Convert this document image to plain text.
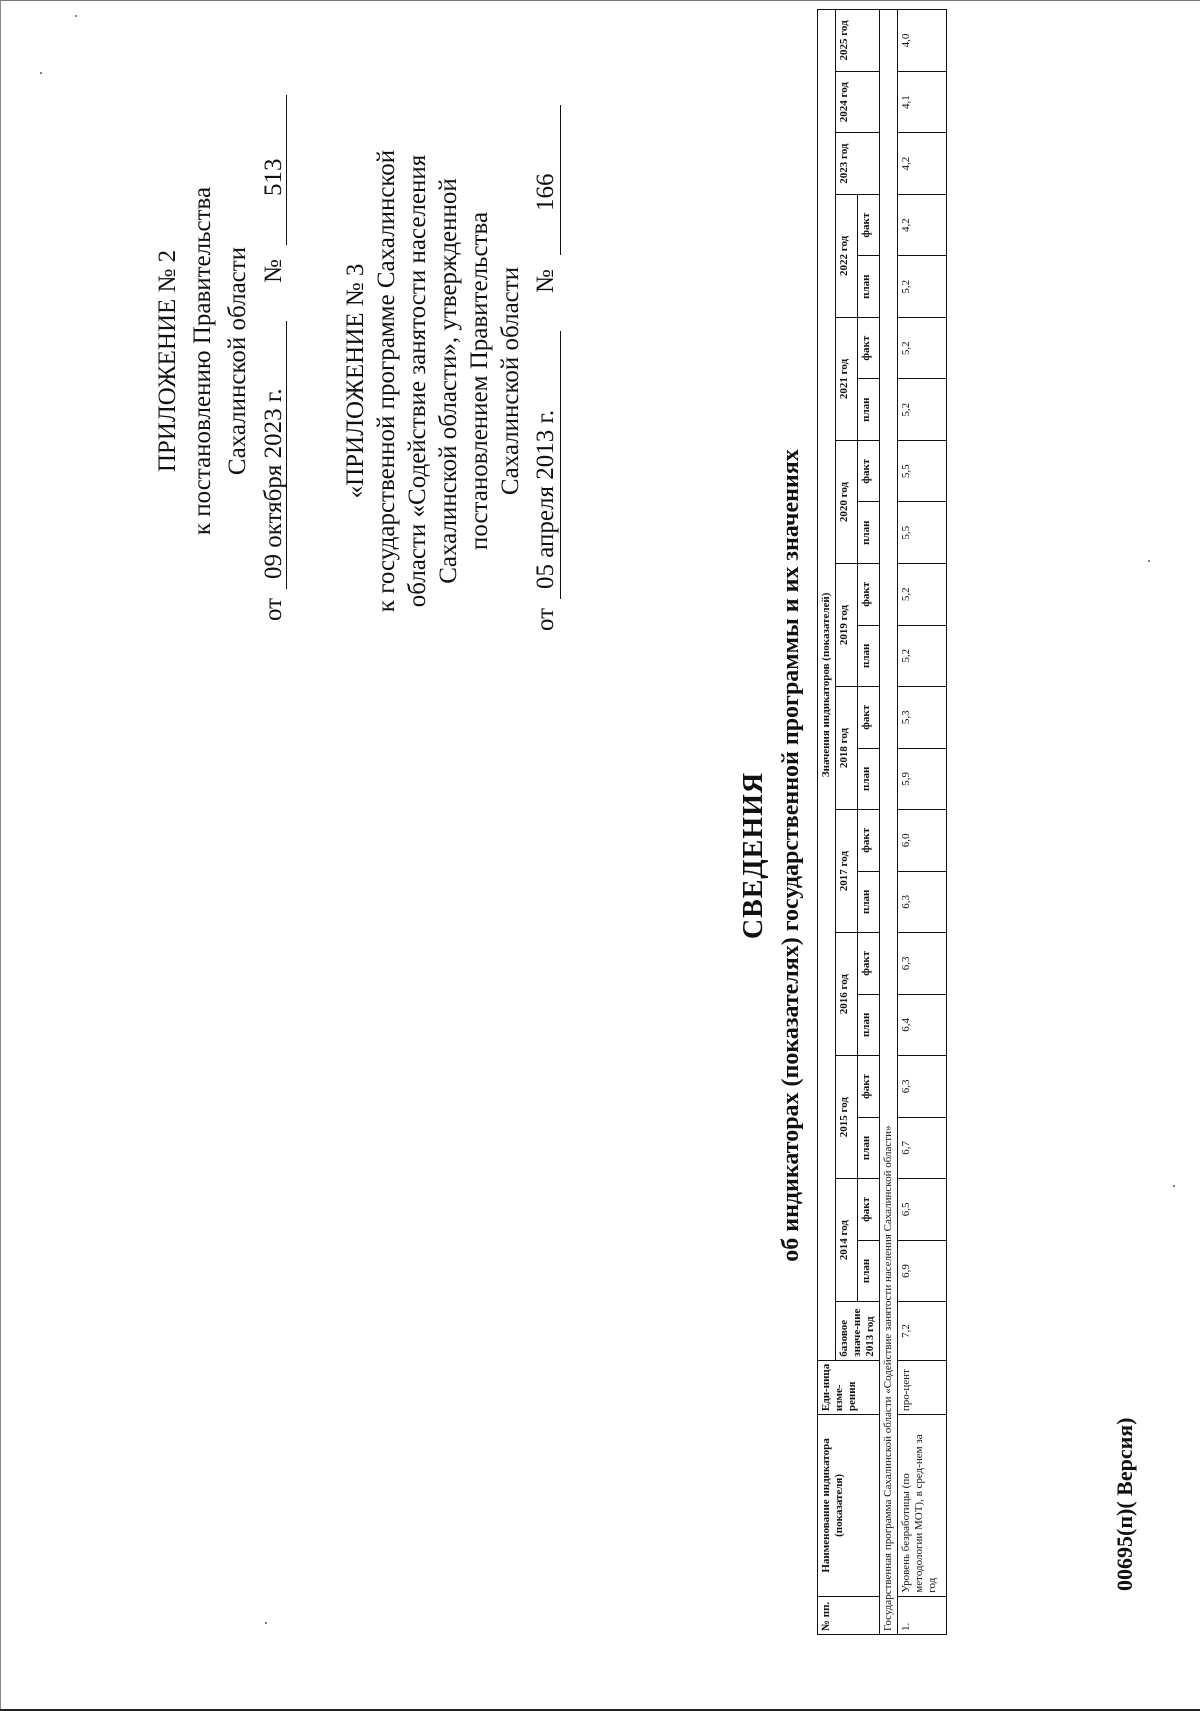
ПРИЛОЖЕНИЕ № 2 к постановлению Правительства Сахалинской области
от
09 октября 2023 г.
№
513
«ПРИЛОЖЕНИЕ № 3 к государственной программе Сахалинской области «Содействие занятости населения Сахалинской области», утвержденной постановлением Правительства Сахалинской области
от
05 апреля 2013 г.
№
166
СВЕДЕНИЯ об индикаторах (показателях) государственной программы и их значениях
№ пп.	Наименование индикатора (показателя)	Еди-ница изме-рения	Значения индикаторов (показателей)																					
			базовое значе-ние 2013 год	2014 год		2015 год		2016 год		2017 год		2018 год		2019 год		2020 год		2021 год		2022 год		2023 год	2024 год	2025 год
				план	факт	план	факт	план	факт	план	факт	план	факт	план	факт	план	факт	план	факт	план	факт			
Государственная программа Сахалинской области «Содействие занятости населения Сахалинской области»																								
1.	Уровень безработицы (по методологии МОТ), в сред-нем за год	про-цент	7,2	6,9	6,5	6,7	6,3	6,4	6,3	6,3	6,0	5,9	5,3	5,2	5,2	5,5	5,5	5,2	5,2	5,2	4,2	4,2	4,1	4,0
00695(п)( Версия)
